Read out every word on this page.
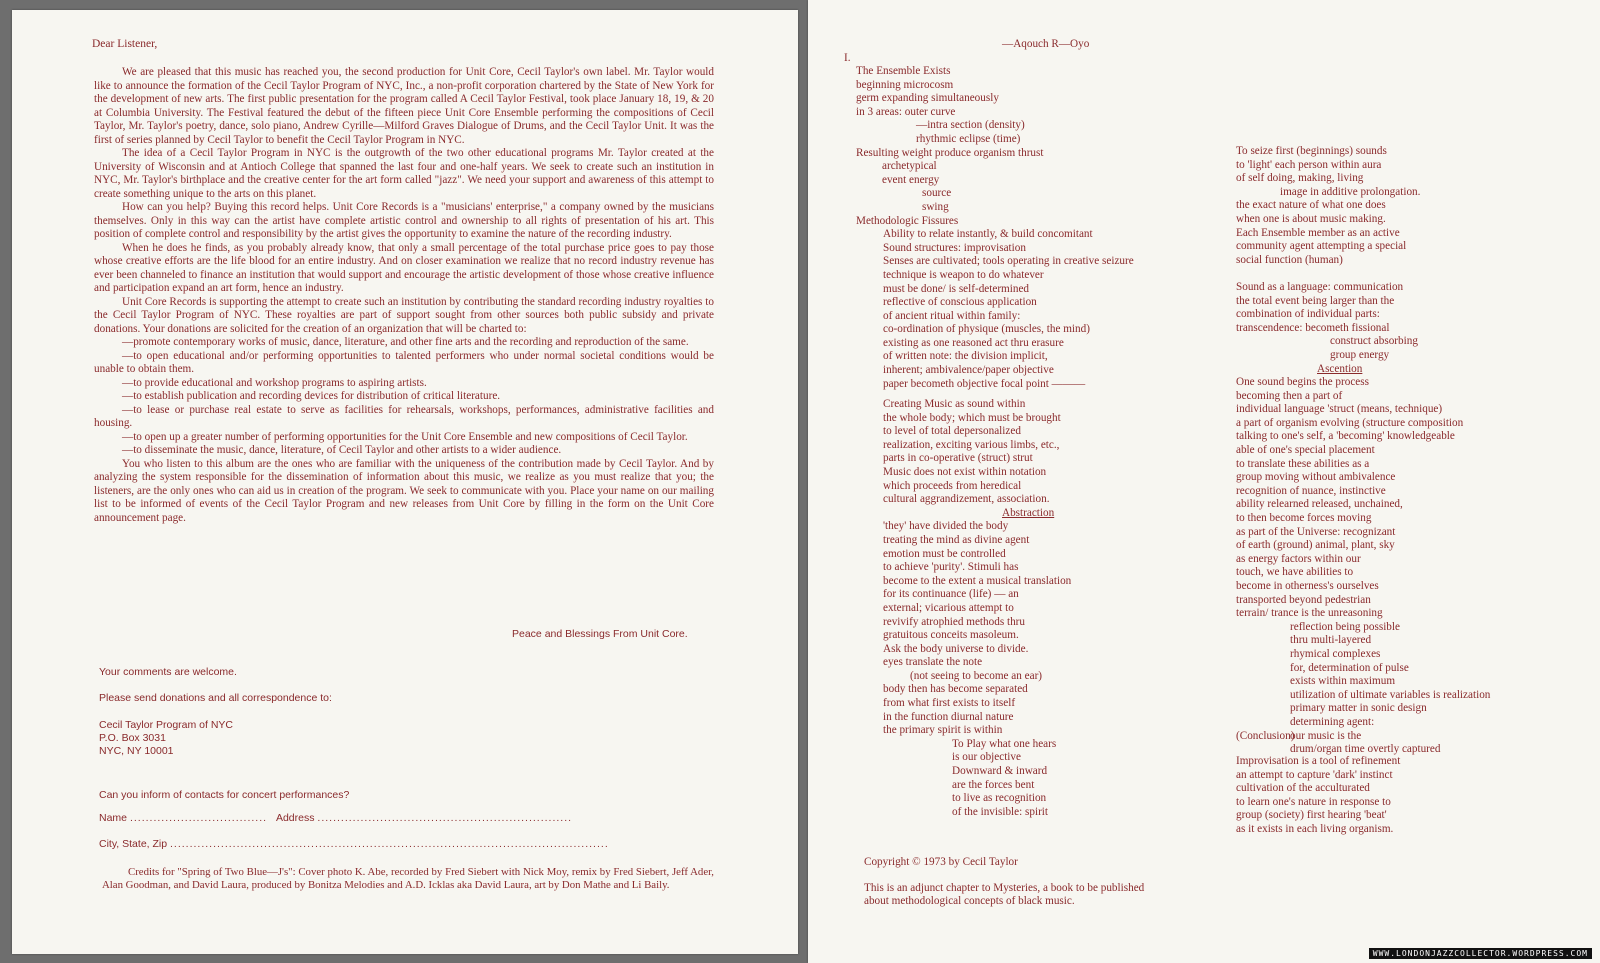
Dear Listener,

We are pleased that this music has reached you, the second production for Unit Core, Cecil Taylor's own label. Mr. Taylor would like to announce the formation of the Cecil Taylor Program of NYC, Inc., a non-profit corporation chartered by the State of New York for the development of new arts. The first public presentation for the program called A Cecil Taylor Festival, took place January 18, 19, & 20 at Columbia University. The Festival featured the debut of the fifteen piece Unit Core Ensemble performing the compositions of Cecil Taylor, Mr. Taylor's poetry, dance, solo piano, Andrew Cyrille—Milford Graves Dialogue of Drums, and the Cecil Taylor Unit. It was the first of series planned by Cecil Taylor to benefit the Cecil Taylor Program in NYC.

The idea of a Cecil Taylor Program in NYC is the outgrowth of the two other educational programs Mr. Taylor created at the University of Wisconsin and at Antioch College that spanned the last four and one-half years. We seek to create such an institution in NYC, Mr. Taylor's birthplace and the creative center for the art form called "jazz". We need your support and awareness of this attempt to create something unique to the arts on this planet.

How can you help? Buying this record helps. Unit Core Records is a "musicians' enterprise," a company owned by the musicians themselves. Only in this way can the artist have complete artistic control and ownership to all rights of presentation of his art. This position of complete control and responsibility by the artist gives the opportunity to examine the nature of the recording industry.

When he does he finds, as you probably already know, that only a small percentage of the total purchase price goes to pay those whose creative efforts are the life blood for an entire industry. And on closer examination we realize that no record industry revenue has ever been channeled to finance an institution that would support and encourage the artistic development of those whose creative influence and participation expand an art form, hence an industry.

Unit Core Records is supporting the attempt to create such an institution by contributing the standard recording industry royalties to the Cecil Taylor Program of NYC. These royalties are part of support sought from other sources both public subsidy and private donations. Your donations are solicited for the creation of an organization that will be charted to:

—promote contemporary works of music, dance, literature, and other fine arts and the recording and reproduction of the same.

—to open educational and/or performing opportunities to talented performers who under normal societal conditions would be unable to obtain them.

—to provide educational and workshop programs to aspiring artists.

—to establish publication and recording devices for distribution of critical literature.

—to lease or purchase real estate to serve as facilities for rehearsals, workshops, performances, administrative facilities and housing.

—to open up a greater number of performing opportunities for the Unit Core Ensemble and new compositions of Cecil Taylor.

—to disseminate the music, dance, literature, of Cecil Taylor and other artists to a wider audience.

You who listen to this album are the ones who are familiar with the uniqueness of the contribution made by Cecil Taylor. And by analyzing the system responsible for the dissemination of information about this music, we realize as you must realize that you; the listeners, are the only ones who can aid us in creation of the program. We seek to communicate with you. Place your name on our mailing list to be informed of events of the Cecil Taylor Program and new releases from Unit Core by filling in the form on the Unit Core announcement page.

Peace and Blessings From Unit Core.
Your comments are welcome.
Please send donations and all correspondence to:
Cecil Taylor Program of NYC
P.O. Box 3031
NYC, NY 10001
Can you inform of contacts for concert performances?
Name ................................... Address .................................................................
City, State, Zip ................................................................................................................
Credits for "Spring of Two Blue—J's": Cover photo K. Abe, recorded by Fred Siebert with Nick Moy, remix by Fred Siebert, Jeff Ader, Alan Goodman, and David Laura, produced by Bonitza Melodies and A.D. Icklas aka David Laura, art by Don Mathe and Li Baily.
—Aqouch R—Oyo
I.
The Ensemble Exists
beginning microcosm
germ expanding simultaneously
in 3 areas: outer curve
—intra section (density)
rhythmic eclipse (time)
Resulting weight produce organism thrust
archetypical
event energy
source
swing
Methodologic Fissures
Ability to relate instantly, & build concomitant
Sound structures: improvisation
Senses are cultivated; tools operating in creative seizure
technique is weapon to do whatever
must be done/ is self-determined
reflective of conscious application
of ancient ritual within family:
co-ordination of physique (muscles, the mind)
existing as one reasoned act thru erasure
of written note: the division implicit,
inherent; ambivalence/paper objective
paper becometh objective focal point ———
Creating Music as sound within
the whole body; which must be brought
to level of total depersonalized
realization, exciting various limbs, etc.,
parts in co-operative (struct) strut
Music does not exist within notation
which proceeds from heredical
cultural aggrandizement, association.
Abstraction
'they' have divided the body
treating the mind as divine agent
emotion must be controlled
to achieve 'purity'. Stimuli has
become to the extent a musical translation
for its continuance (life) — an
external; vicarious attempt to
revivify atrophied methods thru
gratuitous conceits masoleum.
Ask the body universe to divide.
eyes translate the note
(not seeing to become an ear)
body then has become separated
from what first exists to itself
in the function diurnal nature
the primary spirit is within
To Play what one hears
is our objective
Downward & inward
are the forces bent
to live as recognition
of the invisible: spirit
To seize first (beginnings) sounds
to 'light' each person within aura
of self doing, making, living
image in additive prolongation.
the exact nature of what one does
when one is about music making.
Each Ensemble member as an active
community agent attempting a special
social function (human)

Sound as a language: communication
the total event being larger than the
combination of individual parts:
transcendence: becometh fissional
construct absorbing
group energy
Ascention
One sound begins the process
becoming then a part of
individual language 'struct (means, technique)
a part of organism evolving (structure composition
talking to one's self, a 'becoming' knowledgeable
able of one's special placement
to translate these abilities as a
group moving without ambivalence
recognition of nuance, instinctive
ability relearned released, unchained,
to then become forces moving
as part of the Universe: recognizant
of earth (ground) animal, plant, sky
as energy factors within our
touch, we have abilities to
become in otherness's ourselves
transported beyond pedestrian
terrain/ trance is the unreasoning
reflection being possible
thru multi-layered
rhymical complexes
for, determination of pulse
exists within maximum
utilization of ultimate variables is realization
primary matter in sonic design
determining agent:
our music is the
drum/organ time overtly captured
(Conclusion)
Improvisation is a tool of refinement
an attempt to capture 'dark' instinct
cultivation of the acculturated
to learn one's nature in response to
group (society) first hearing 'beat'
as it exists in each living organism.
Copyright © 1973 by Cecil Taylor
This is an adjunct chapter to Mysteries, a book to be published
about methodological concepts of black music.
WWW.LONDONJAZZCOLLECTOR.WORDPRESS.COM
